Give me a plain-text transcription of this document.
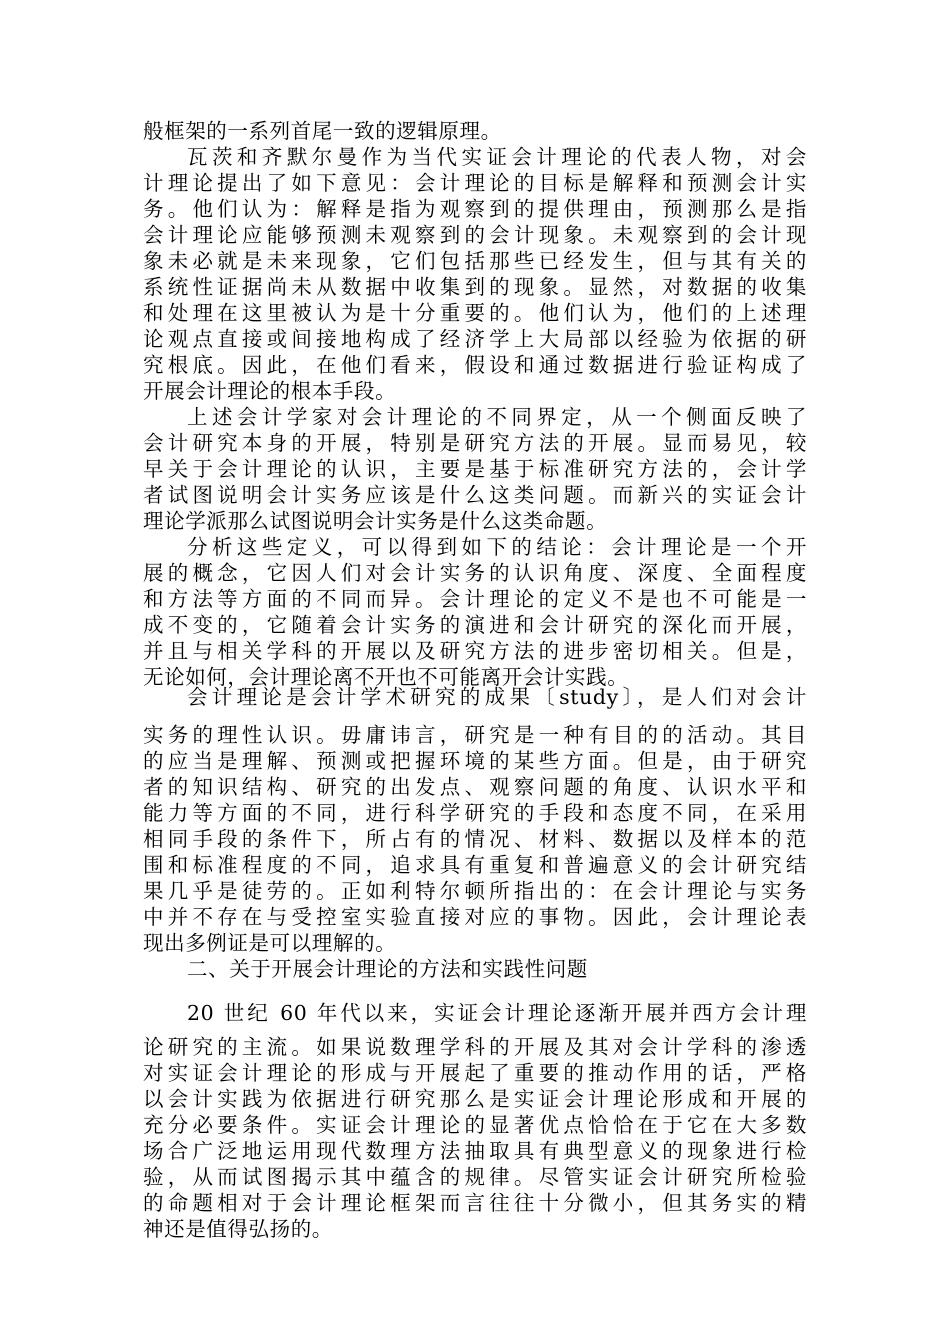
般框架的一系列首尾一致的逻辑原理。
瓦茨和齐默尔曼作为当代实证会计理论的代表人物，对会
计理论提出了如下意见：会计理论的目标是解释和预测会计实
务。他们认为：解释是指为观察到的提供理由，预测那么是指
会计理论应能够预测未观察到的会计现象。未观察到的会计现
象未必就是未来现象，它们包括那些已经发生，但与其有关的
系统性证据尚未从数据中收集到的现象。显然，对数据的收集
和处理在这里被认为是十分重要的。他们认为，他们的上述理
论观点直接或间接地构成了经济学上大局部以经验为依据的研
究根底。因此，在他们看来，假设和通过数据进行验证构成了
开展会计理论的根本手段。
上述会计学家对会计理论的不同界定，从一个侧面反映了
会计研究本身的开展，特别是研究方法的开展。显而易见，较
早关于会计理论的认识，主要是基于标准研究方法的，会计学
者试图说明会计实务应该是什么这类问题。而新兴的实证会计
理论学派那么试图说明会计实务是什么这类命题。
分析这些定义，可以得到如下的结论：会计理论是一个开
展的概念，它因人们对会计实务的认识角度、深度、全面程度
和方法等方面的不同而异。会计理论的定义不是也不可能是一
成不变的，它随着会计实务的演进和会计研究的深化而开展，
并且与相关学科的开展以及研究方法的进步密切相关。但是，
无论如何，会计理论离不开也不可能离开会计实践。
会计理论是会计学术研究的成果〔study〕，是人们对会计
实务的理性认识。毋庸讳言，研究是一种有目的的活动。其目
的应当是理解、预测或把握环境的某些方面。但是，由于研究
者的知识结构、研究的出发点、观察问题的角度、认识水平和
能力等方面的不同，进行科学研究的手段和态度不同，在采用
相同手段的条件下，所占有的情况、材料、数据以及样本的范
围和标准程度的不同，追求具有重复和普遍意义的会计研究结
果几乎是徒劳的。正如利特尔顿所指出的：在会计理论与实务
中并不存在与受控室实验直接对应的事物。因此，会计理论表
现出多例证是可以理解的。
二、关于开展会计理论的方法和实践性问题
20 世纪 60 年代以来，实证会计理论逐渐开展并西方会计理
论研究的主流。如果说数理学科的开展及其对会计学科的渗透
对实证会计理论的形成与开展起了重要的推动作用的话，严格
以会计实践为依据进行研究那么是实证会计理论形成和开展的
充分必要条件。实证会计理论的显著优点恰恰在于它在大多数
场合广泛地运用现代数理方法抽取具有典型意义的现象进行检
验，从而试图揭示其中蕴含的规律。尽管实证会计研究所检验
的命题相对于会计理论框架而言往往十分微小，但其务实的精
神还是值得弘扬的。
